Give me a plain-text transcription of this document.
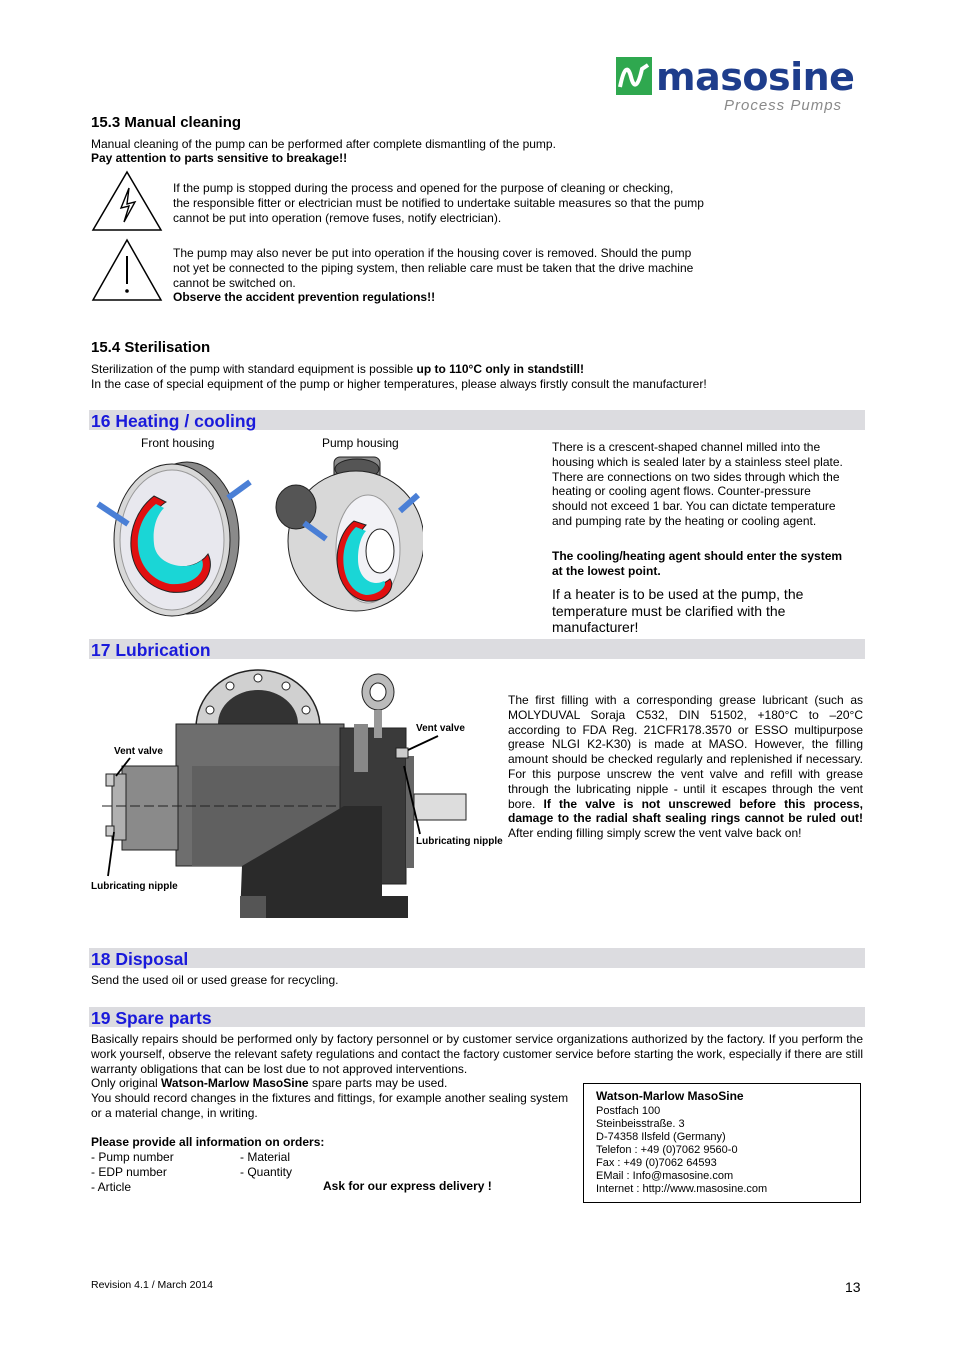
masosine
Process Pumps
15.3 Manual cleaning
Manual cleaning of the pump can be performed after complete dismantling of the pump.
Pay attention to parts sensitive to breakage!!
If the pump is stopped during the process and opened for the purpose of cleaning or checking,
the responsible fitter or electrician must be notified to undertake suitable measures so that the pump
cannot be put into operation (remove fuses, notify electrician).
The pump may also never be put into operation if the housing cover is removed. Should the pump
not yet be connected to the piping system, then reliable care must be taken that the drive machine
cannot be switched on.
Observe the accident prevention regulations!!
15.4 Sterilisation
Sterilization of the pump with standard equipment is possible up to 110°C only in standstill!
In the case of special equipment of the pump or higher temperatures, please always firstly consult the manufacturer!
16 Heating / cooling
Front housing	Pump housing	There is a crescent-shaped channel milled into the housing which is sealed later by a stainless steel plate. There are connections on two sides through which the heating or cooling agent flows. Counter-pressure should not exceed 1 bar. You can dictate temperature and pumping rate by the heating or cooling agent.
The cooling/heating agent should enter the system at the lowest point.
If a heater is to be used at the pump, the temperature must be clarified with the manufacturer!
17 Lubrication
Vent valve
Vent valve
Lubricating nipple
Lubricating nipple
The first filling with a corresponding grease lubricant (such as MOLYDUVAL Soraja C532, DIN 51502, +180°C to –20°C according to FDA Reg. 21CFR178.3570 or ESSO multipurpose grease NLGI K2-K30) is made at MASO. However, the filling amount should be checked regularly and replenished if necessary. For this purpose unscrew the vent valve and refill with grease through the lubricating nipple - until it escapes through the vent bore. If the valve is not unscrewed before this process, damage to the radial shaft sealing rings cannot be ruled out! After ending filling simply screw the vent valve back on!
18 Disposal
Send the used oil or used grease for recycling.
19 Spare parts
Basically repairs should be performed only by factory personnel or by customer service organizations authorized by the factory. If you perform the work yourself, observe the relevant safety regulations and contact the factory customer service before starting the work, especially if there are still warranty obligations that can be lost due to not approved interventions.
Only original Watson-Marlow MasoSine spare parts may be used.
You should record changes in the fixtures and fittings, for example another sealing system or a material change, in writing.
Please provide all information on orders:
- Pump number
- EDP number
- Article
- Material
- Quantity
Ask for our express delivery !
Watson-Marlow MasoSine
Postfach 100
Steinbeisstraße. 3
D-74358 Ilsfeld (Germany)
Telefon : +49 (0)7062 9560-0
Fax : +49 (0)7062 64593
EMail : Info@masosine.com
Internet : http://www.masosine.com
Revision 4.1 / March 2014	13
